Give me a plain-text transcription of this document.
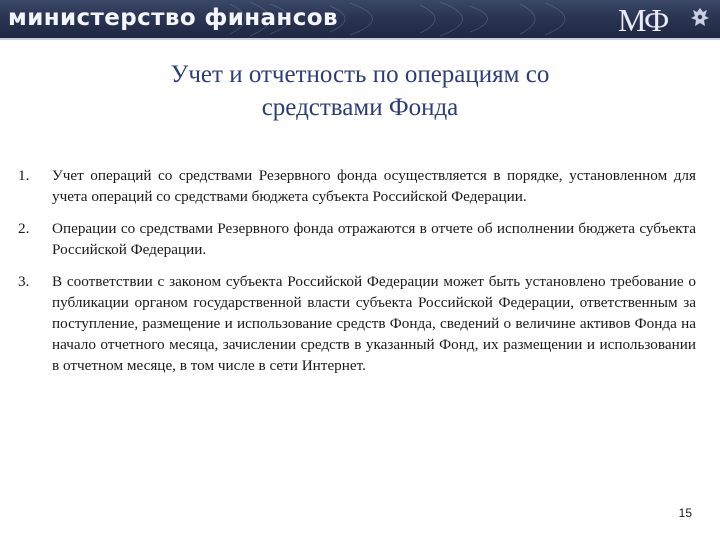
министерство финансов	МФ
Учет и отчетность по операциям со
средствами Фонда
1. Учет операций со средствами Резервного фонда осуществляется в порядке, установленном для учета операций со средствами бюджета субъекта Российской Федерации.
2. Операции со средствами Резервного фонда отражаются в отчете об исполнении бюджета субъекта Российской Федерации.
3. В соответствии с законом субъекта Российской Федерации может быть установлено требование о публикации органом государственной власти субъекта Российской Федерации, ответственным за поступление, размещение и использование средств Фонда, сведений о величине активов Фонда на начало отчетного месяца, зачислении средств в указанный Фонд, их размещении и использовании в отчетном месяце, в том числе в сети Интернет.
15
